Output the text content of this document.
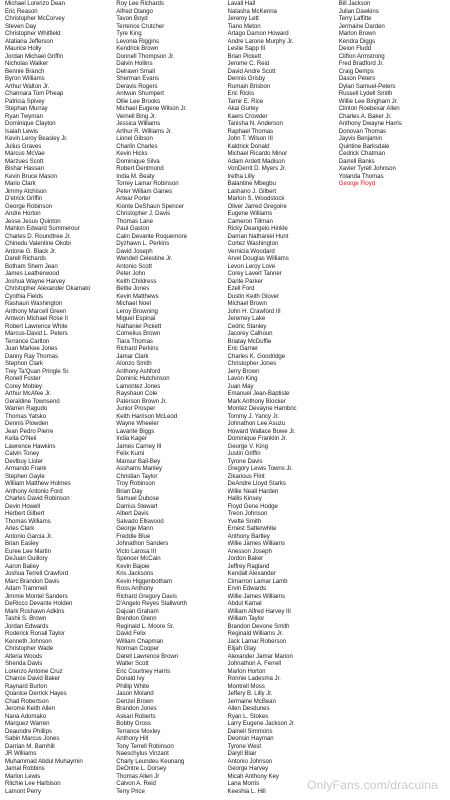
Michael Lorenzo Dean
Eric Reason
Christopher McCorvey
Steven Day
Christopher Whitfield
Atatiana Jefferson
Maurice Holly
Jordan Michael Griffin
Nicholas Walker
Bennie Branch
Byron Williams
Arthur Walton Jr.
Channara Tom Pheap
Patricia Spivey
Stephan Murray
Ryan Twyman
Dominique Clayton
Isaiah Lewis
Kevin Leroy Beasley Jr.
Julius Graves
Marcus McVae
Marzues Scott
Bishar Hassan
Kevin Bruce Mason
Mario Clark
Jimmy Atchison
D'etrick Griffin
George Robinson
Andre Horton
Jesse Jesus Quinton
Mahlon Edward Summerour
Charles D. Roundtree Jr.
Chinedu Valentine Okobi
Antone G. Black Jr.
Darell Richards
Botham Shem Jean
James Leatherwood
Joshua Wayne Harvey
Christopher Alexander Okamato
Cynthia Fields
Rashaun Washington
Anthony Marcell Green
Antwon Michael Rose II
Robert Lawrence White
Marcus-David L. Peters
Terrance Carlton
Juan Markee Jones
Danny Ray Thomas
Stephon Clark
Trey Ta'Quan Pringle Sr.
Ronell Foster
Corey Mobley
Arthur McAfee Jr.
Geraldine Townsend
Warren Ragudo
Thomas Yatsko
Dennis Plowden
Jean Pedro Pierre
Keita O'Neil
Lawrence Hawkins
Calvin Toney
Devlbuy Lister
Armando Frank
Stephen Gayle
William Matthew Holmes
Anthony Antonio Ford
Charles David Robinson
Devin Howell
Herbert Gilbert
Thomas Williams
Aries Clark
Antonio Garcia Jr.
Brian Easley
Euree Lee Martin
DeJuan Guillory
Aaron Bailey
Joshua Terrell Crawford
Marc Brandon Davis
Adam Trammell
Jimmie Montel Sanders
DeRicco Devante Holden
Mark Roshawn Adkins
Tashii S. Brown
Jordan Edwards
Roderick Ronall Taylor
Kenneth Johnson
Christopher Wade
Alteria Woods
Sherida Davis
Lorenzo Antoine Cruz
Chance David Baker
Raynard Burton
Quanice Derrick Hayes
Chad Robertson
Jerome Keith Allen
Nana Adomako
Marquez Warren
Deaundre Phillips
Sabin Marcus Jones
Darrian M. Barnhill
JR Williams
Muhammad Abdul Muhaymin
Jamal Robbins
Marlon Lewis
Ritchie Lee Harbison
Lamont Perry
Roy Lee Richards
Alfred Olango
Tavon Boyd
Terrence Crutcher
Tyre King
Levonia Riggins
Kendrick Brown
Donnell Thompson Jr.
Dalvin Hollins
Delrawn Small
Sherman Evans
Deravis Rogers
Antwun Shumpert
Ollie Lee Brooks
Michael Eugene Wilson Jr.
Vernell Bing Jr.
Jessica Williams
Arthur R. Williams Jr.
Lionel Gibson
Charlin Charles
Kevin Hicks
Dominique Silva
Robert Dentmond
India M. Beaty
Torrey Lamar Robinson
Peter William Gaines
Artear Porter
Kionte DeShaun Spencer
Christopher J. Davis
Thomas Lane
Paul Gaston
Calin Devante Roquemore
Dyzhawn L. Perkins
David Joseph
Wendell Celestine Jr.
Antonio Scott
Peter John
Keith Childress
Bettie Jones
Kevin Matthews
Michael Noel
Leroy Browning
Miguel Espinal
Nathaniel Pickett
Cornelius Brown
Tiara Thomas
Richard Perkins
Jamar Clark
Alonzo Smith
Anthony Ashford
Dominic Hutchinson
Lamontez Jones
Rayshaun Cole
Paterson Brown Jr.
Junior Prosper
Keith Harrison McLeod
Wayne Wheeler
Lavante Biggs
India Kager
James Carney III
Felix Kumi
Mansur Ball-Bey
Asshams Manley
Christian Taylor
Troy Robinson
Brian Day
Samuel Dubose
Darrius Stewart
Albert Davis
Salvado Ellswood
George Mann
Freddie Blue
Johnathon Sanders
Victo Larosa III
Spencer McCain
Kevin Bajoie
Kris Jacksons
Kevin Higgenbotham
Ross Anthony
Richard Gregory Davis
D'Angelo Reyes Stallworth
Dajuan Graham
Brendon Glenn
Reginald L. Moore Sr.
David Felix
William Chapman
Norman Cooper
Darell Lawrence Brown
Walter Scott
Eric Courtney Harris
Donald Ivy
Phillip White
Jason Moland
Denzel Brown
Brandon Jones
Askari Roberts
Bobby Gross
Terrance Moxley
Anthony Hill
Tony Terrell Robinson
Naeschylus Vinzant
Charly Leundeu Keunang
DeOntre L. Dorsey
Thomas Allen Jr
Calvon A. Reid
Terry Price
Lavall Hall
Natasha McKenna
Jeremy Lett
Tiano Meton
Artago Damon Howard
Andre Larone Murphy Jr.
Leslie Sapp III
Brian Pickett
Jerome C. Reid
David Andre Scott
Dennis Grisby
Rumain Brisbon
Eric Ricks
Tamir E. Rice
Akai Gurley
Kaers Crowder
Tanisha N. Anderson
Raphael Thomas
John T. Wilson III
Kaldrick Donald
Michael Ricardo Minor
Adam Ardett Madison
VonDerrit D. Myers Jr.
Iretha Lilly
Balantine Mbegbu
Lashano J. Gilbert
Marlon S. Woodstock
Oliver Jarred Gregoire
Eugene Williams
Cameron Tillman
Ricky Deangelo Hinkle
Darrian Nathaniel Hunt
Cortez Washington
Vernicia Woodard
Arvel Douglas Williams
Levon Leroy Love
Corey Lavert Tanner
Dante Parker
Ezell Ford
Dustin Keith Glover
Michael Brown
John H. Crawford III
Jeremey Lake
Cedric Stanley
Jacorey Calhoun
Briatay McDuffie
Eric Garner
Charles K. Goodridge
Christopher Jones
Jerry Brown
Lavon King
Juan May
Emanuel Jean-Baptiste
Mark Anthony Blocker
Montez Devayne Hambric
Tommy J. Yancy Jr.
Johnathon Lee Asuzu
Howard Wallace Bowe Jr.
Dominique Franklin Jr.
George V. King
Justin Griffin
Tyrone Davis
Gregory Lewis Towns Jr.
Zikarious Flint
DeAndre Lloyd Starks
Willie Neall Harden
Hallis Kinsey
Floyd Gene Hodge
Treon Johnson
Yvette Smith
Ernest Satterwhite
Anthony Bartley
Willie James Williams
Anesson Joseph
Jordon Baker
Jeffrey Ragland
Kendall Alexander
Cimarron Lamar Lamb
Ervin Edwards
Willie James Williams
Abdul Kamal
William Alfred Harvey III
William Taylor
Brandon Devone Smith
Reginald Williams Jr.
Jack Lamar Roberson
Elijah Glay
Alexander Jamar Marion
Johnathon A. Ferrell
Marlon Horton
Ronnie Ladesma Jr.
Montrell Moss
Jeffery B. Lilly Jr.
Jermaine McBean
Allen Desdunes
Ryan L. Stokes
Larry Eugene Jackson Jr.
Dainell Simmons
Deonsin Hayman
Tyrone West
Daryll Blair
Antonio Johnson
George Harvey
Micah Anthony Key
Lana Morris
Keeshia L. Hill
Bill Jackson
Julian Dawkins
Terry Laffitte
Jermaine Darden
Marlon Brown
Kendra Diggs
Deion Fludd
Clifton Armstrong
Fred Bradford Jr.
Craig Demps
Dason Peters
Dylan Samuel-Peters
Russell Lydell Smith
Willie Lee Bingham Jr.
Clinton Roebexar Allen
Charles A. Baker Jr.
Anthony Dwayne Harris
Donovan Thomas
Jayvis Benjamin
Quintine Barksdale
Cedrick Chatman
Darrell Banks
Xavier Tyrell Johnson
Yolanda Thomas
George Floyd
OnlyFans.com/dracuina
